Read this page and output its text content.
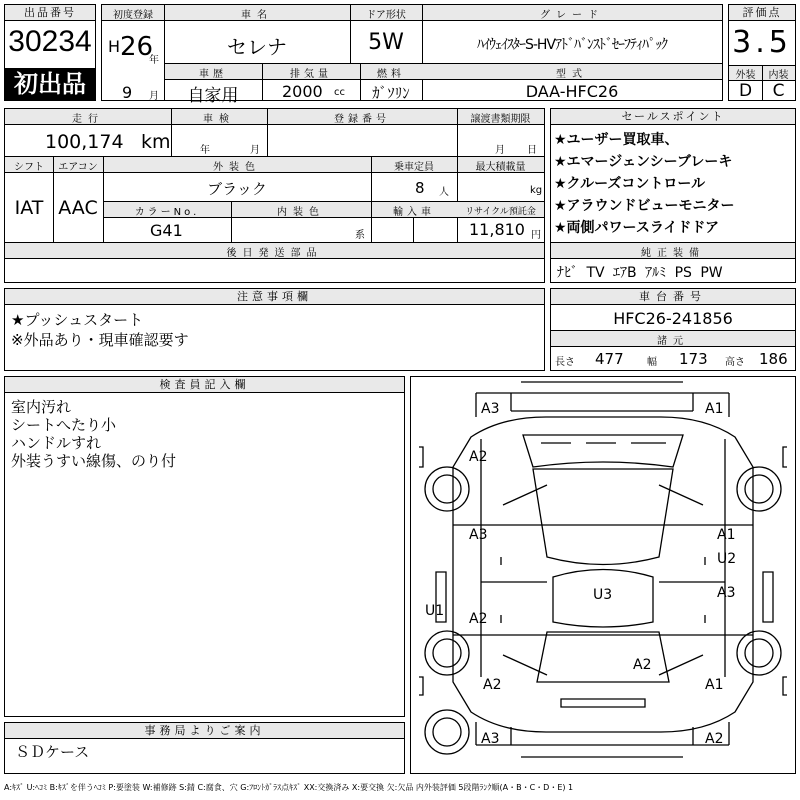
出品番号
30234
初出品
初度登録	車名	ドア形状	グレード
H 26
年
セレナ	5W	ﾊｲｳｪｲｽﾀｰS-HVｱﾄﾞﾊﾞﾝｽﾄﾞｾｰﾌﾃｨﾊﾟｯｸ
車歴	排気量	燃料	型式
9 月	自家用	2000 cc	ｶﾞｿﾘﾝ	DAA-HFC26
評価点
3.5
外装	内装
D	C
走行	車検	登録番号	譲渡書類期限
100,174 km	年	月	月 日
シフト	エアコン	外装色	乗車定員	最大積載量
IAT AAC
ブラック	8 人	kg
カラーNo.	内装色	輸入車	リサイクル預託金
G41	系	11,810 円
後日発送部品
セールスポイント
★ユーザー買取車、
★エマージェンシーブレーキ
★クルーズコントロール
★アラウンドビューモニター
★両側パワースライドドア
純正装備
ﾅﾋﾞ TV ｴｱB ｱﾙﾐ PS PW
注意事項欄
★プッシュスタート
※外品あり・現車確認要す
車台番号
HFC26-241856
諸元
長さ 477 幅 173 高さ 186
検査員記入欄
室内汚れ
シートへたり小
ハンドルすれ
外装うすい線傷、のり付
事務局よりご案内
ＳＤケース
A3	A1
A2
A3	A1
U2
U1
U3
A2
A3
A2
A2	A1
A3	A2
A:ｷｽﾞ U:ﾍｺﾐ B:ｷｽﾞを伴うﾍｺﾐ P:要塗装 W:補修跡 S:錆 C:腐食、穴 G:ﾌﾛﾝﾄｶﾞﾗｽ点ｷｽﾞ XX:交換済み X:要交換 欠:欠品 内外装評価 5段階ﾗﾝｸ順(A・B・C・D・E) 1
